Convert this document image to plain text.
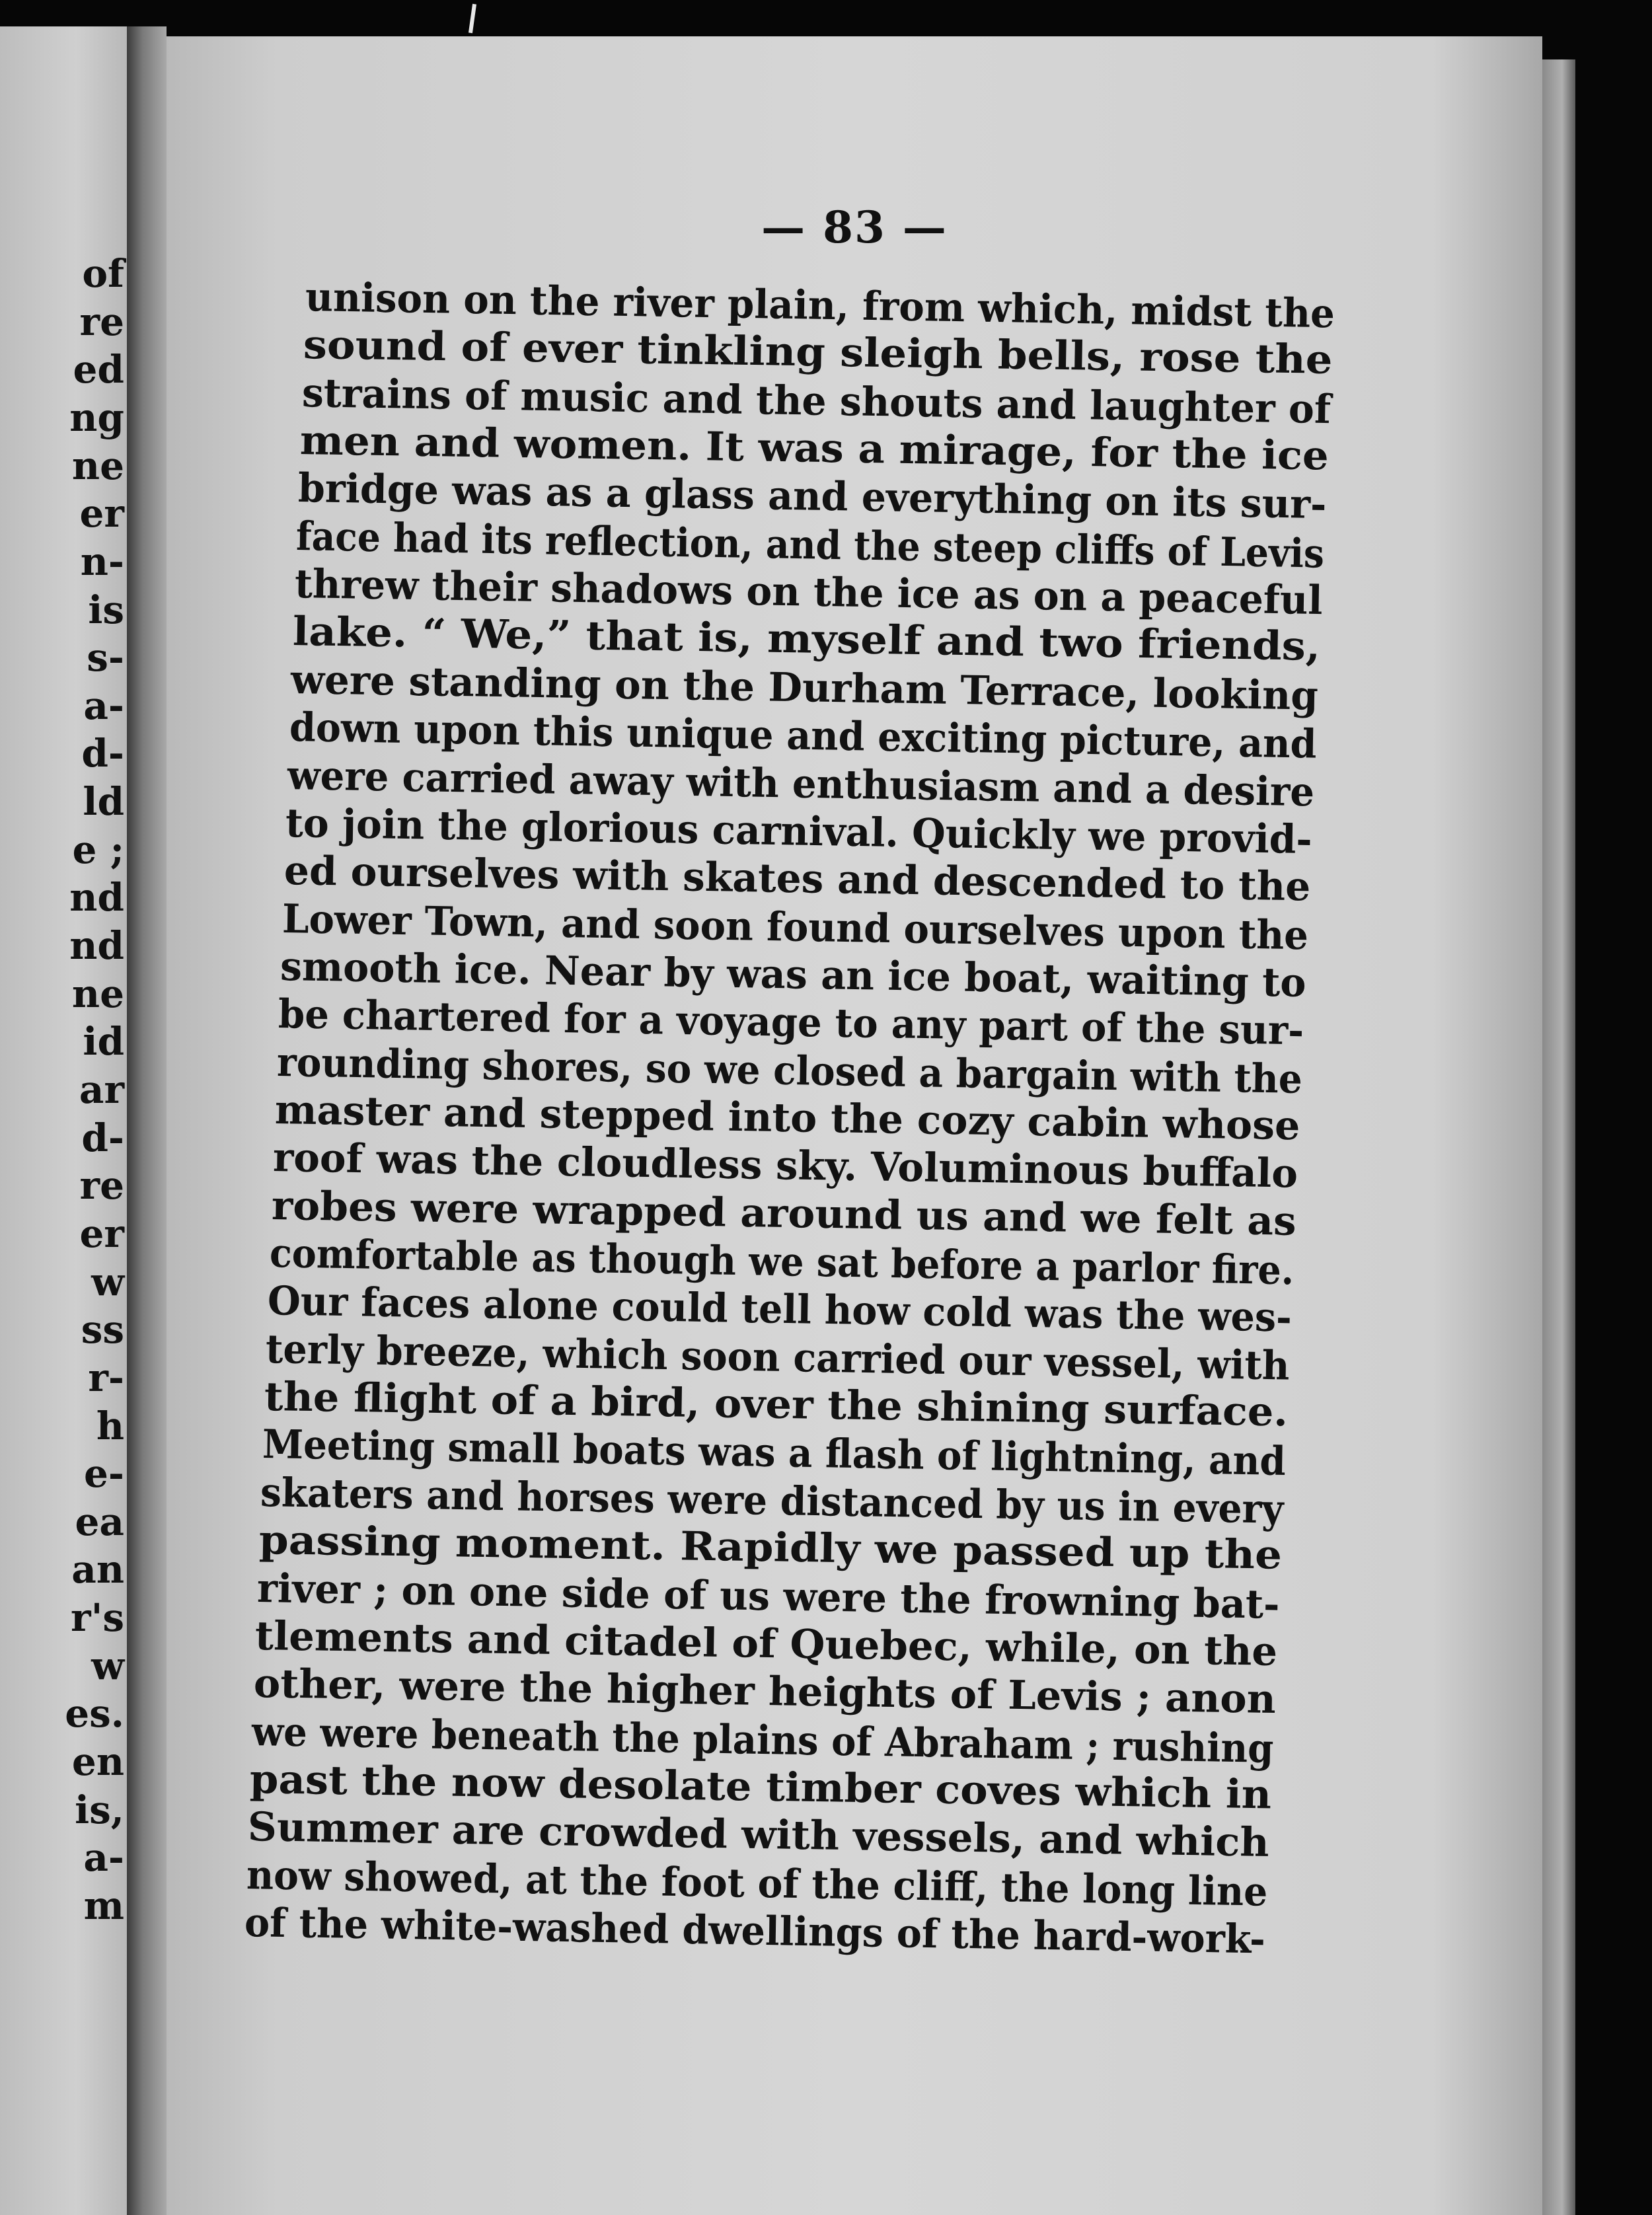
of
re
ed
ng
ne
er
n-
is
s-
a-
d-
ld
e ;
nd
nd
ne
id
ar
d-
re
er
w
ss
r-
h
e-
ea
an
r's
w
es.
en
is,
a-
m
— 83 —
unison on the river plain, from which, midst the
sound of ever tinkling sleigh bells, rose the
strains of music and the shouts and laughter of
men and women. It was a mirage, for the ice
bridge was as a glass and everything on its sur-
face had its reflection, and the steep cliffs of Levis
threw their shadows on the ice as on a peaceful
lake. “ We,” that is, myself and two friends,
were standing on the Durham Terrace, looking
down upon this unique and exciting picture, and
were carried away with enthusiasm and a desire
to join the glorious carnival. Quickly we provid-
ed ourselves with skates and descended to the
Lower Town, and soon found ourselves upon the
smooth ice. Near by was an ice boat, waiting to
be chartered for a voyage to any part of the sur-
rounding shores, so we closed a bargain with the
master and stepped into the cozy cabin whose
roof was the cloudless sky. Voluminous buffalo
robes were wrapped around us and we felt as
comfortable as though we sat before a parlor fire.
Our faces alone could tell how cold was the wes-
terly breeze, which soon carried our vessel, with
the flight of a bird, over the shining surface.
Meeting small boats was a flash of lightning, and
skaters and horses were distanced by us in every
passing moment. Rapidly we passed up the
river ; on one side of us were the frowning bat-
tlements and citadel of Quebec, while, on the
other, were the higher heights of Levis ; anon
we were beneath the plains of Abraham ; rushing
past the now desolate timber coves which in
Summer are crowded with vessels, and which
now showed, at the foot of the cliff, the long line
of the white-washed dwellings of the hard-work-
